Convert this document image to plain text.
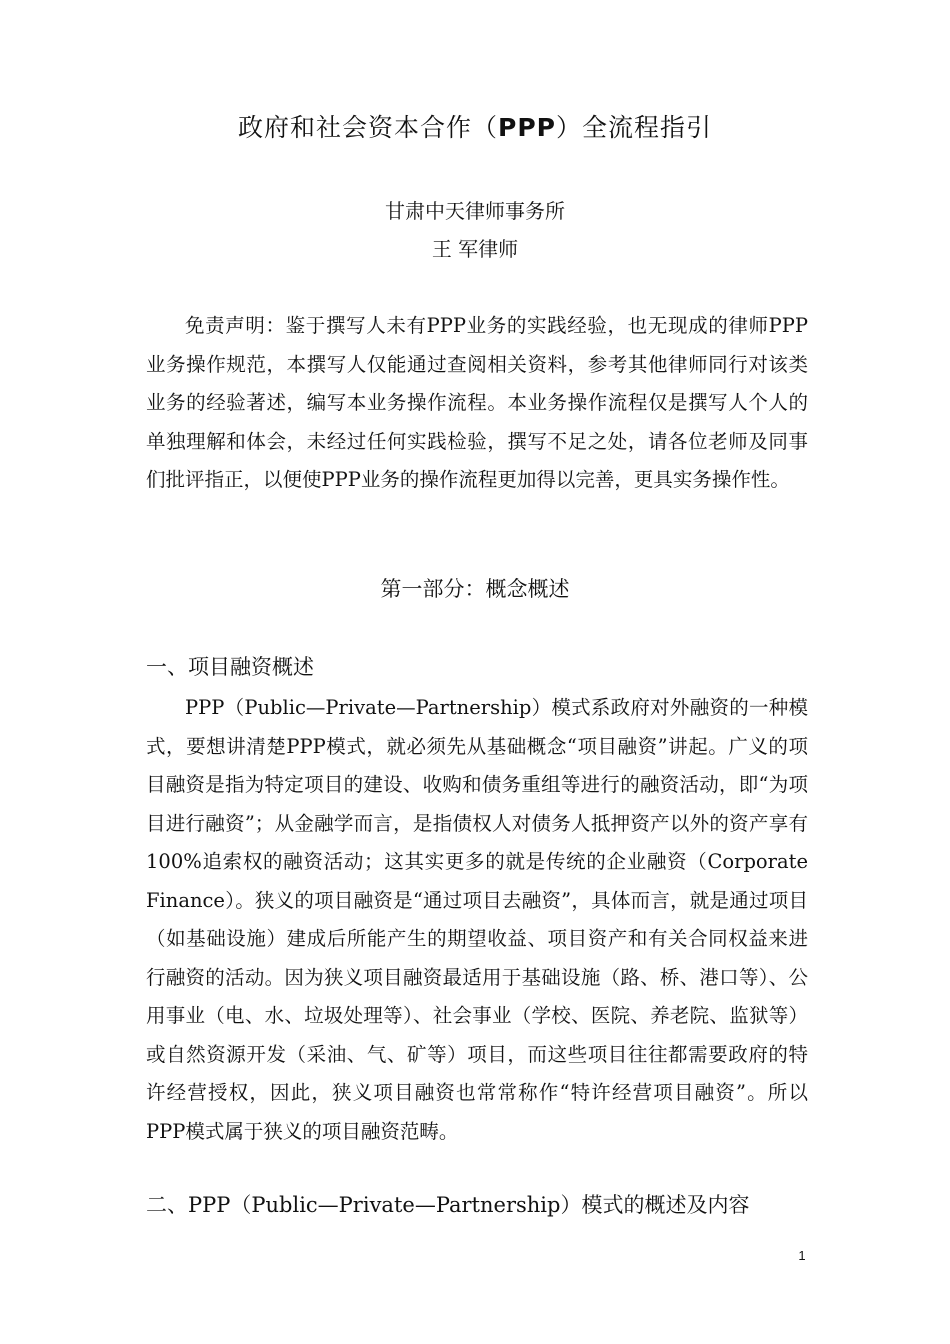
政府和社会资本合作（PPP）全流程指引
甘肃中天律师事务所
王 军律师

免责声明：鉴于撰写人未有PPP业务的实践经验，也无现成的律师PPP业务操作规范，本撰写人仅能通过查阅相关资料，参考其他律师同行对该类业务的经验著述，编写本业务操作流程。本业务操作流程仅是撰写人个人的单独理解和体会，未经过任何实践检验，撰写不足之处，请各位老师及同事们批评指正，以便使PPP业务的操作流程更加得以完善，更具实务操作性。

第一部分：概念概述

一、项目融资概述

PPP（Public—Private—Partnership）模式系政府对外融资的一种模式，要想讲清楚PPP模式，就必须先从基础概念“项目融资”讲起。广义的项目融资是指为特定项目的建设、收购和债务重组等进行的融资活动，即“为项目进行融资”；从金融学而言，是指债权人对债务人抵押资产以外的资产享有 100%追索权的融资活动；这其实更多的就是传统的企业融资（Corporate Finance）。狭义的项目融资是“通过项目去融资”，具体而言，就是通过项目（如基础设施）建成后所能产生的期望收益、项目资产和有关合同权益来进行融资的活动。因为狭义项目融资最适用于基础设施（路、桥、港口等）、公用事业（电、水、垃圾处理等）、社会事业（学校、医院、养老院、监狱等）或自然资源开发（采油、气、矿等）项目，而这些项目往往都需要政府的特许经营授权，因此，狭义项目融资也常常称作“特许经营项目融资”。所以PPP模式属于狭义的项目融资范畴。

二、PPP（Public—Private—Partnership）模式的概述及内容

1
